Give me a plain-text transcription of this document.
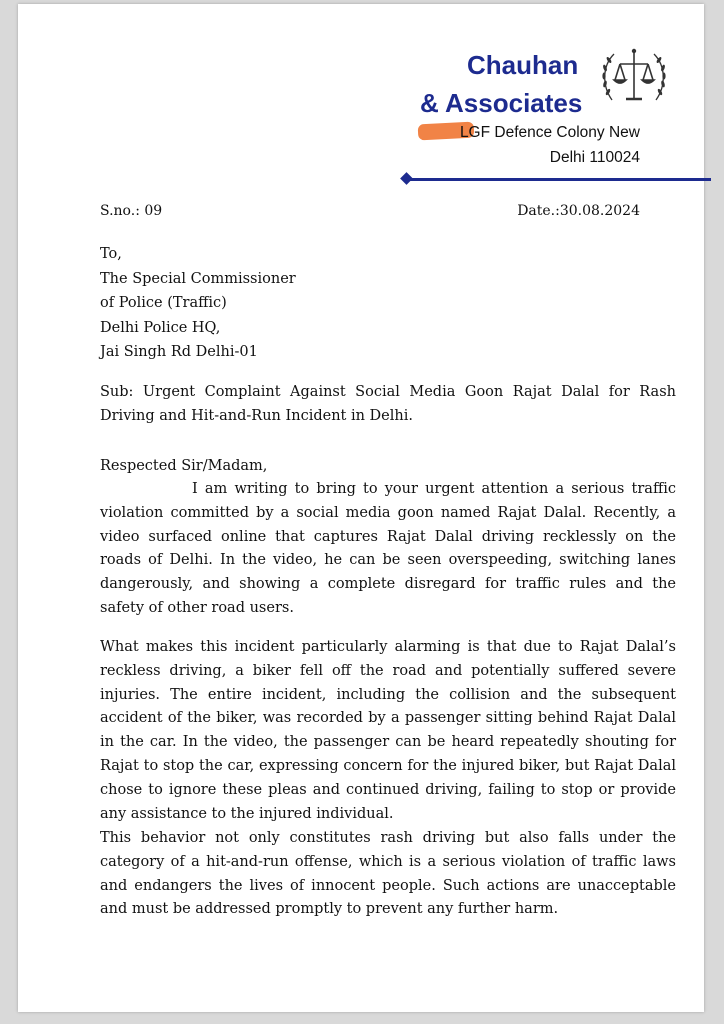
Chauhan
& Associates
LGF Defence Colony New
Delhi 110024
S.no.: 09	Date.:30.08.2024
To,
The Special Commissioner
of Police (Traffic)
Delhi Police HQ,
Jai Singh Rd Delhi-01
Sub: Urgent Complaint Against Social Media Goon Rajat Dalal for Rash Driving and Hit-and-Run Incident in Delhi.
Respected Sir/Madam,
I am writing to bring to your urgent attention a serious traffic violation committed by a social media goon named Rajat Dalal. Recently, a video surfaced online that captures Rajat Dalal driving recklessly on the roads of Delhi. In the video, he can be seen overspeeding, switching lanes dangerously, and showing a complete disregard for traffic rules and the safety of other road users.
What makes this incident particularly alarming is that due to Rajat Dalal’s reckless driving, a biker fell off the road and potentially suffered severe injuries. The entire incident, including the collision and the subsequent accident of the biker, was recorded by a passenger sitting behind Rajat Dalal in the car. In the video, the passenger can be heard repeatedly shouting for Rajat to stop the car, expressing concern for the injured biker, but Rajat Dalal chose to ignore these pleas and continued driving, failing to stop or provide any assistance to the injured individual.
This behavior not only constitutes rash driving but also falls under the category of a hit-and-run offense, which is a serious violation of traffic laws and endangers the lives of innocent people. Such actions are unacceptable and must be addressed promptly to prevent any further harm.
